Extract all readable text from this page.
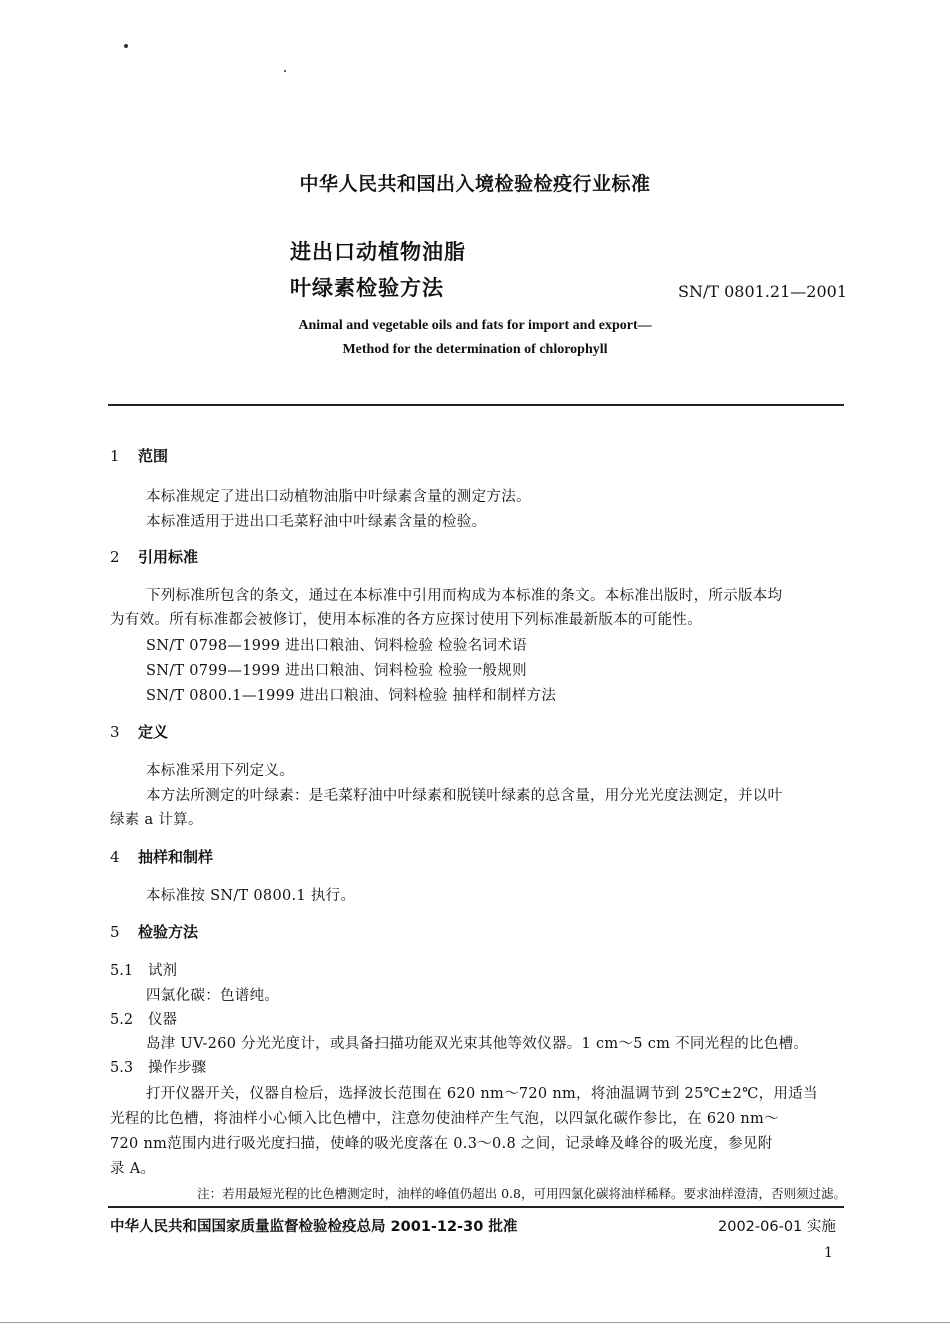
中华人民共和国出入境检验检疫行业标准
进出口动植物油脂
叶绿素检验方法	SN/T 0801.21—2001
Animal and vegetable oils and fats for import and export—
Method for the determination of chlorophyll
1 范围
本标准规定了进出口动植物油脂中叶绿素含量的测定方法。
本标准适用于进出口毛菜籽油中叶绿素含量的检验。
2 引用标准
下列标准所包含的条文，通过在本标准中引用而构成为本标准的条文。本标准出版时，所示版本均
为有效。所有标准都会被修订，使用本标准的各方应探讨使用下列标准最新版本的可能性。
SN/T 0798—1999 进出口粮油、饲料检验 检验名词术语
SN/T 0799—1999 进出口粮油、饲料检验 检验一般规则
SN/T 0800.1—1999 进出口粮油、饲料检验 抽样和制样方法
3 定义
本标准采用下列定义。
本方法所测定的叶绿素：是毛菜籽油中叶绿素和脱镁叶绿素的总含量，用分光光度法测定，并以叶
绿素 a 计算。
4 抽样和制样
本标准按 SN/T 0800.1 执行。
5 检验方法
5.1 试剂
四氯化碳：色谱纯。
5.2 仪器
岛津 UV-260 分光光度计，或具备扫描功能双光束其他等效仪器。1 cm～5 cm 不同光程的比色槽。
5.3 操作步骤
打开仪器开关，仪器自检后，选择波长范围在 620 nm～720 nm，将油温调节到 25℃±2℃，用适当
光程的比色槽，将油样小心倾入比色槽中，注意勿使油样产生气泡，以四氯化碳作参比，在 620 nm～
720 nm范围内进行吸光度扫描，使峰的吸光度落在 0.3～0.8 之间，记录峰及峰谷的吸光度，参见附
录 A。
注：若用最短光程的比色槽测定时，油样的峰值仍超出 0.8，可用四氯化碳将油样稀释。要求油样澄清，否则须过滤。
中华人民共和国国家质量监督检验检疫总局 2001-12-30 批准	2002-06-01 实施
1
